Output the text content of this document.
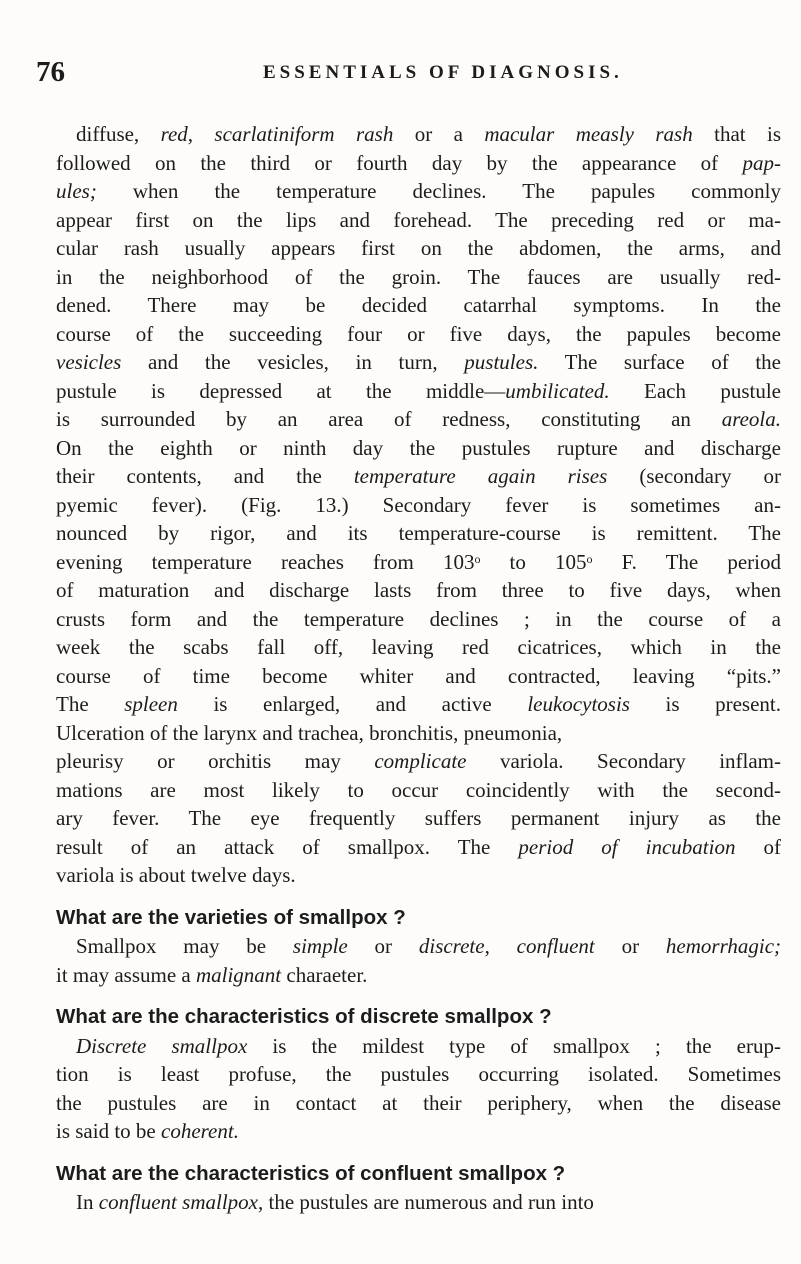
76	ESSENTIALS OF DIAGNOSIS.
diffuse, red, scarlatiniform rash or a macular measly rash that is
followed on the third or fourth day by the appearance of pap-
ules; when the temperature declines. The papules commonly
appear first on the lips and forehead. The preceding red or ma-
cular rash usually appears first on the abdomen, the arms, and
in the neighborhood of the groin. The fauces are usually red-
dened. There may be decided catarrhal symptoms. In the
course of the succeeding four or five days, the papules become
vesicles and the vesicles, in turn, pustules. The surface of the
pustule is depressed at the middle—umbilicated. Each pustule
is surrounded by an area of redness, constituting an areola.
On the eighth or ninth day the pustules rupture and discharge
their contents, and the temperature again rises (secondary or
pyemic fever). (Fig. 13.) Secondary fever is sometimes an-
nounced by rigor, and its temperature-course is remittent. The
evening temperature reaches from 103$^o$ to 105$^o$ F. The period
of maturation and discharge lasts from three to five days, when
crusts form and the temperature declines ; in the course of a
week the scabs fall off, leaving red cicatrices, which in the
course of time become whiter and contracted, leaving “pits.”
The spleen is enlarged, and active leukocytosis is present.
Ulceration of the larynx and trachea, bronchitis, pneumonia,
pleurisy or orchitis may complicate variola. Secondary inflam-
mations are most likely to occur coincidently with the second-
ary fever. The eye frequently suffers permanent injury as the
result of an attack of smallpox. The period of incubation of
variola is about twelve days.
What are the varieties of smallpox ?
Smallpox may be simple or discrete, confluent or hemorrhagic;
it may assume a malignant charaeter.
What are the characteristics of discrete smallpox ?
Discrete smallpox is the mildest type of smallpox ; the erup-
tion is least profuse, the pustules occurring isolated. Sometimes
the pustules are in contact at their periphery, when the disease
is said to be coherent.
What are the characteristics of confluent smallpox ?
In confluent smallpox, the pustules are numerous and run into
